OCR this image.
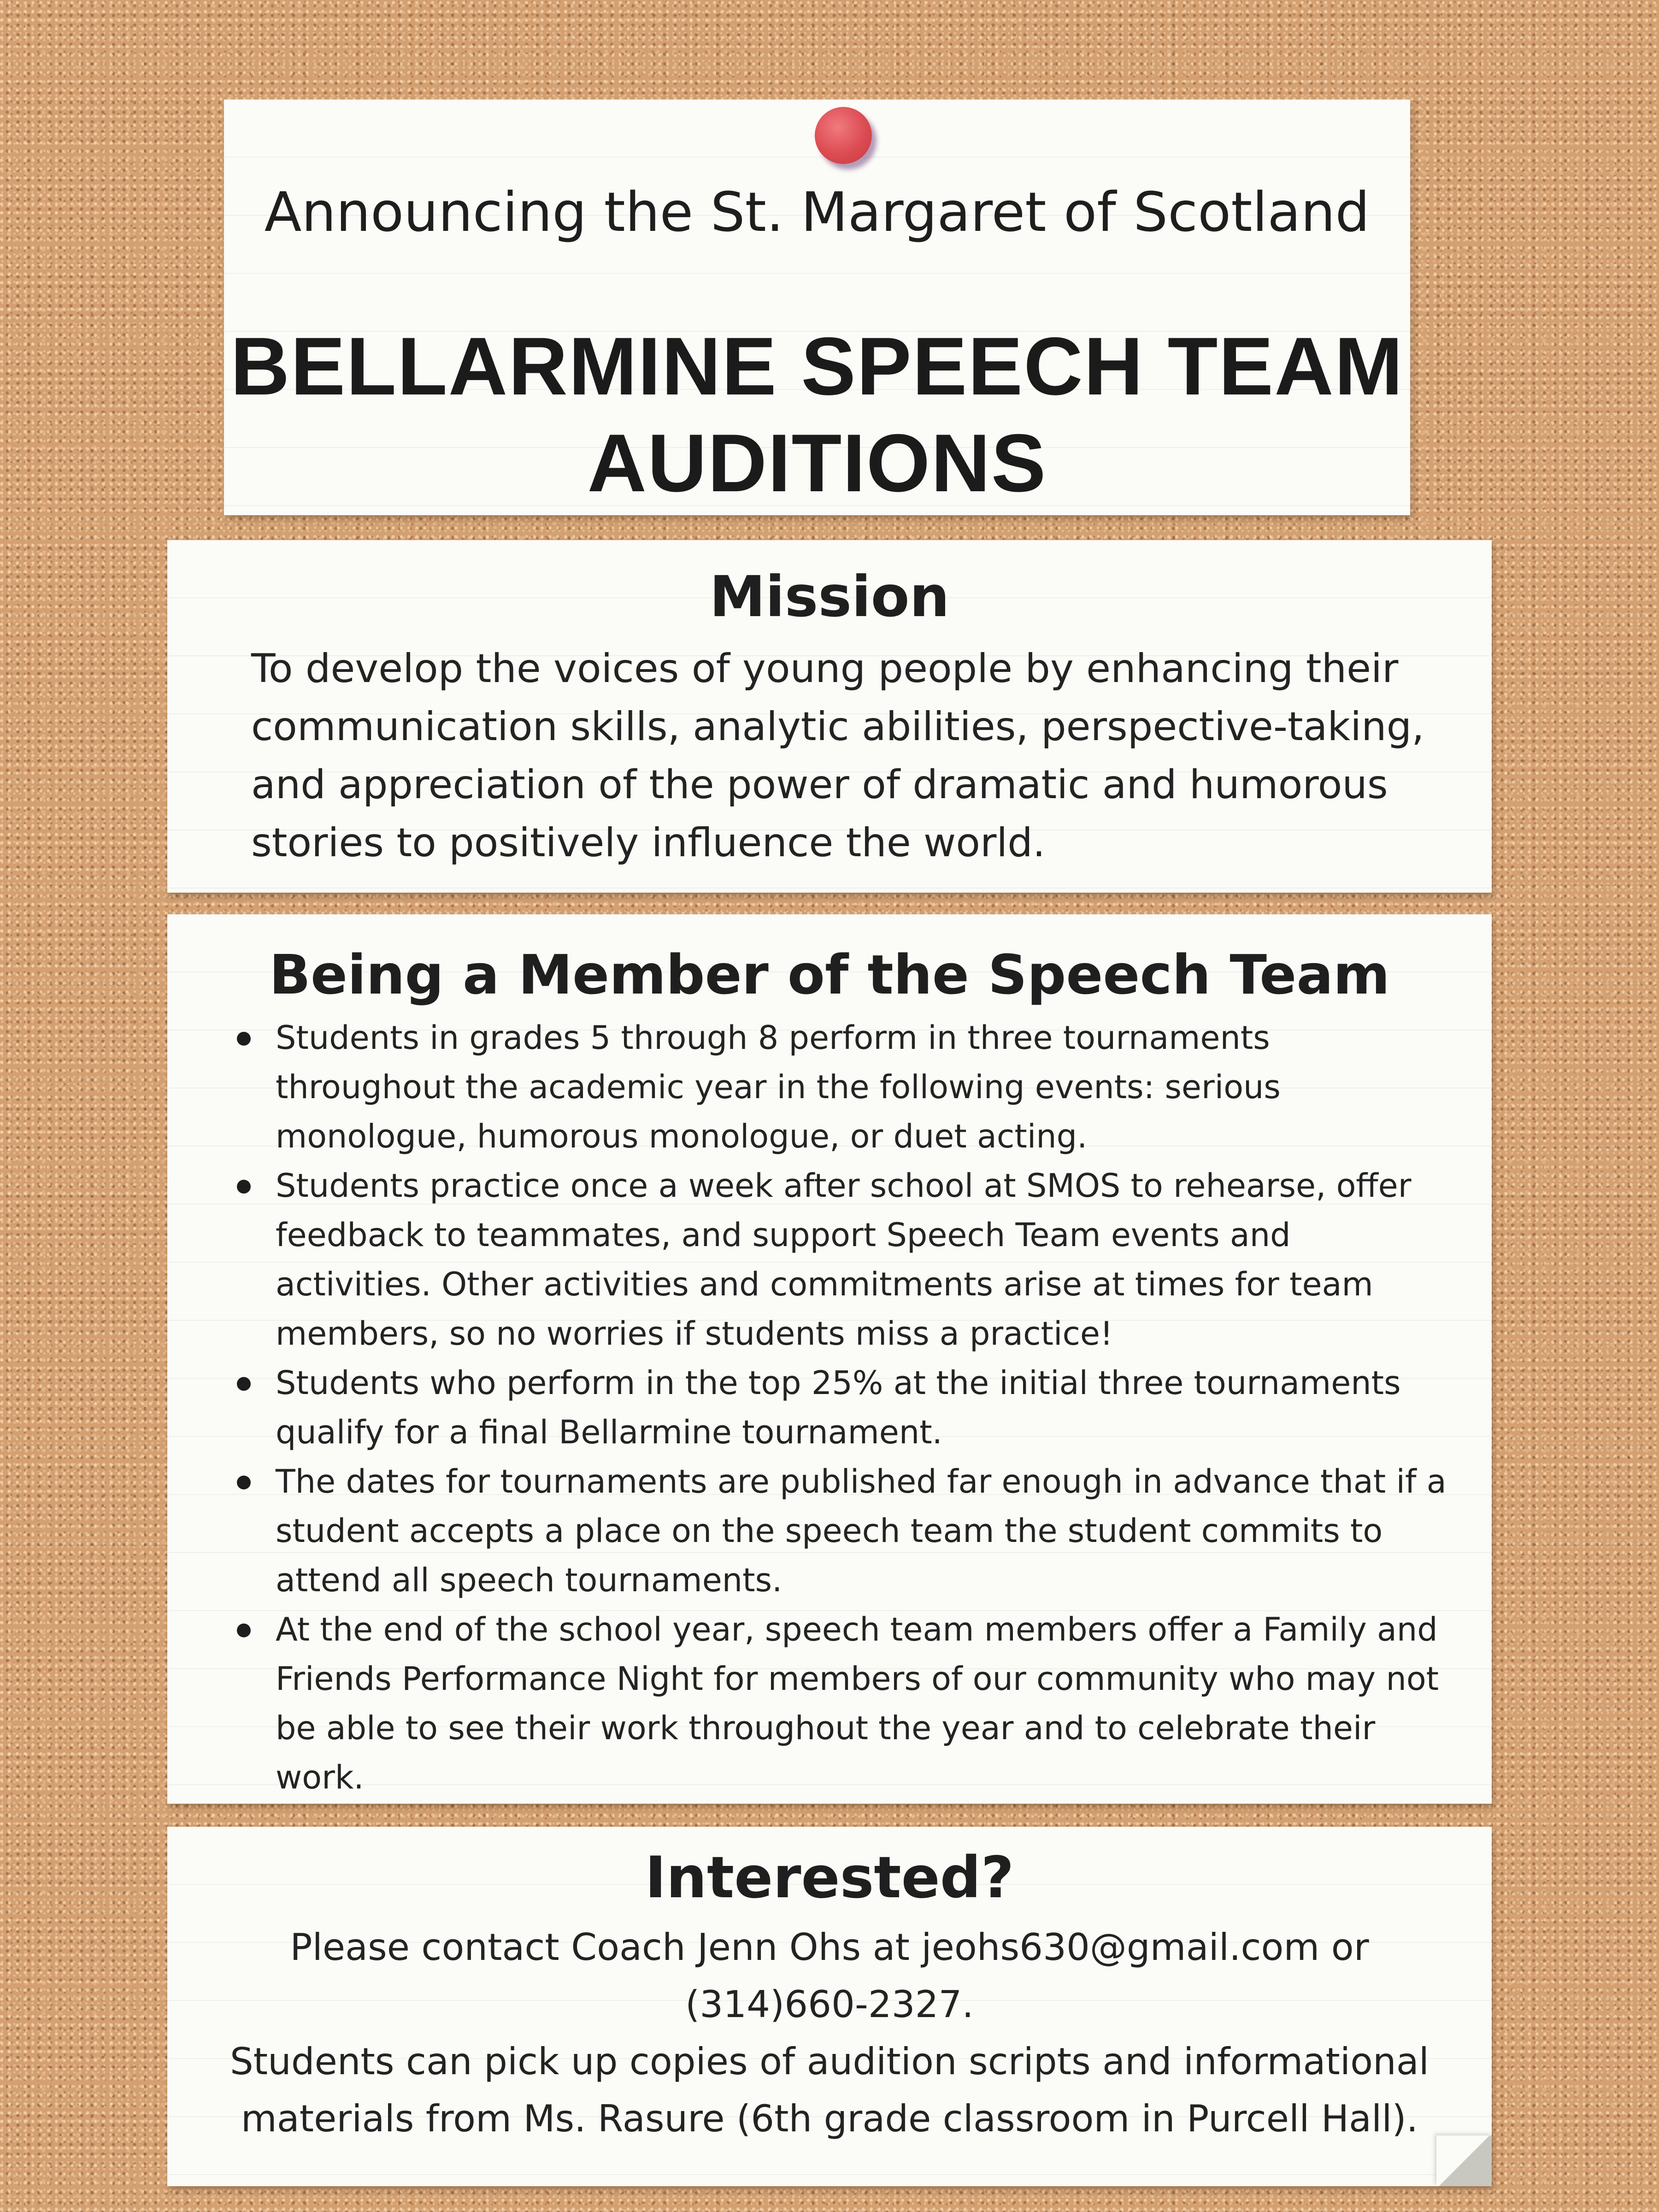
Announcing the St. Margaret of Scotland
BELLARMINE SPEECH TEAM AUDITIONS
Mission
To develop the voices of young people by enhancing their communication skills, analytic abilities, perspective-taking, and appreciation of the power of dramatic and humorous stories to positively influence the world.
Being a Member of the Speech Team
Students in grades 5 through 8 perform in three tournaments throughout the academic year in the following events: serious monologue, humorous monologue, or duet acting.
Students practice once a week after school at SMOS to rehearse, offer feedback to teammates, and support Speech Team events and activities. Other activities and commitments arise at times for team members, so no worries if students miss a practice!
Students who perform in the top 25% at the initial three tournaments qualify for a final Bellarmine tournament.
The dates for tournaments are published far enough in advance that if a student accepts a place on the speech team the student commits to attend all speech tournaments.
At the end of the school year, speech team members offer a Family and Friends Performance Night for members of our community who may not be able to see their work throughout the year and to celebrate their work.
Interested?
Please contact Coach Jenn Ohs at jeohs630@gmail.com or
(314)660-2327.
Students can pick up copies of audition scripts and informational materials from Ms. Rasure (6th grade classroom in Purcell Hall).
